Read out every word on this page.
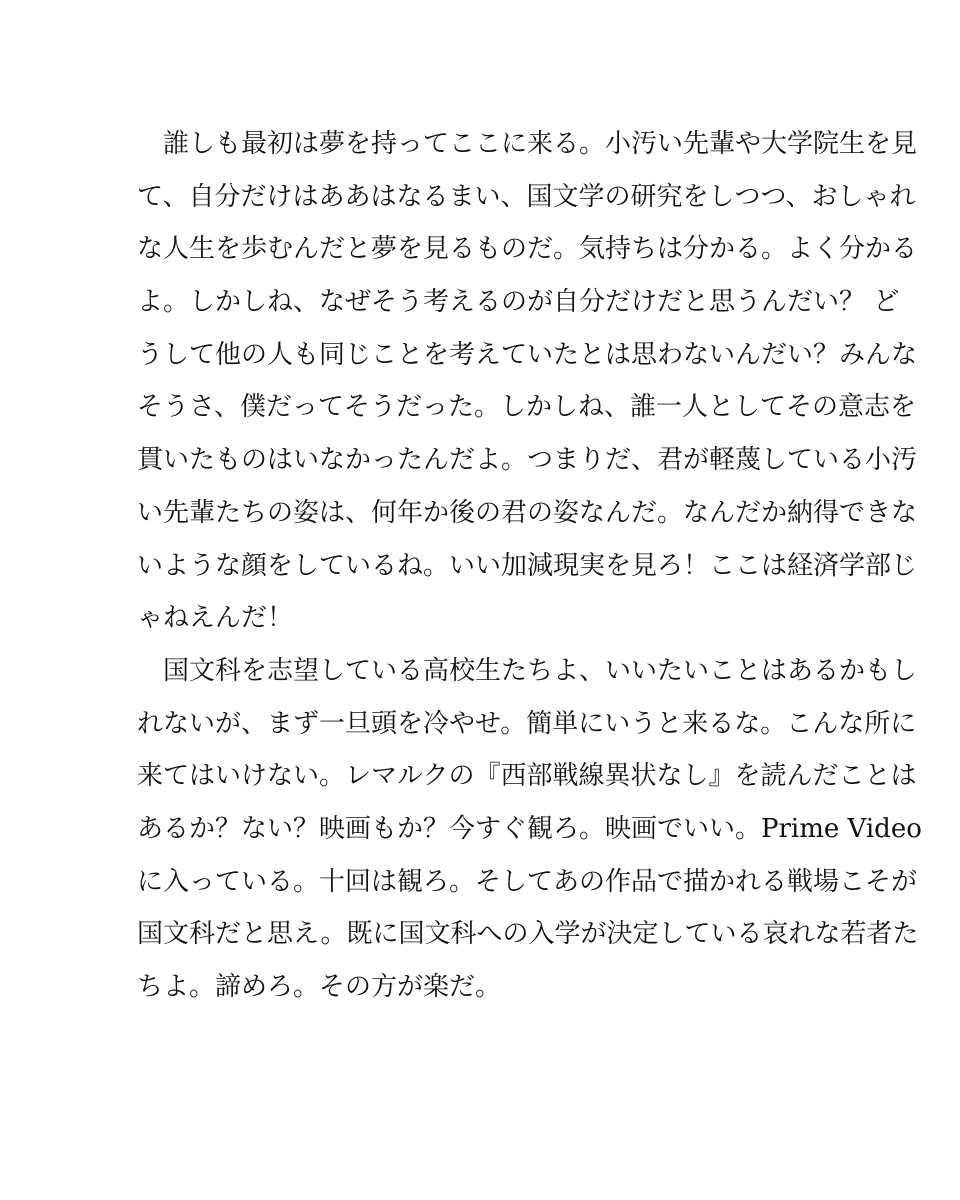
誰しも最初は夢を持ってここに来る。小汚い先輩や大学院生を見
て、自分だけはああはなるまい、国文学の研究をしつつ、おしゃれ
な人生を歩むんだと夢を見るものだ。気持ちは分かる。よく分かる
よ。しかしね、なぜそう考えるのが自分だけだと思うんだい？ ど
うして他の人も同じことを考えていたとは思わないんだい？みんな
そうさ、僕だってそうだった。しかしね、誰一人としてその意志を
貫いたものはいなかったんだよ。つまりだ、君が軽蔑している小汚
い先輩たちの姿は、何年か後の君の姿なんだ。なんだか納得できな
いような顔をしているね。いい加減現実を見ろ！ここは経済学部じ
ゃねえんだ！
国文科を志望している高校生たちよ、いいたいことはあるかもし
れないが、まず一旦頭を冷やせ。簡単にいうと来るな。こんな所に
来てはいけない。レマルクの『西部戦線異状なし』を読んだことは
あるか？ない？映画もか？今すぐ観ろ。映画でいい。Prime Video
に入っている。十回は観ろ。そしてあの作品で描かれる戦場こそが
国文科だと思え。既に国文科への入学が決定している哀れな若者た
ちよ。諦めろ。その方が楽だ。
